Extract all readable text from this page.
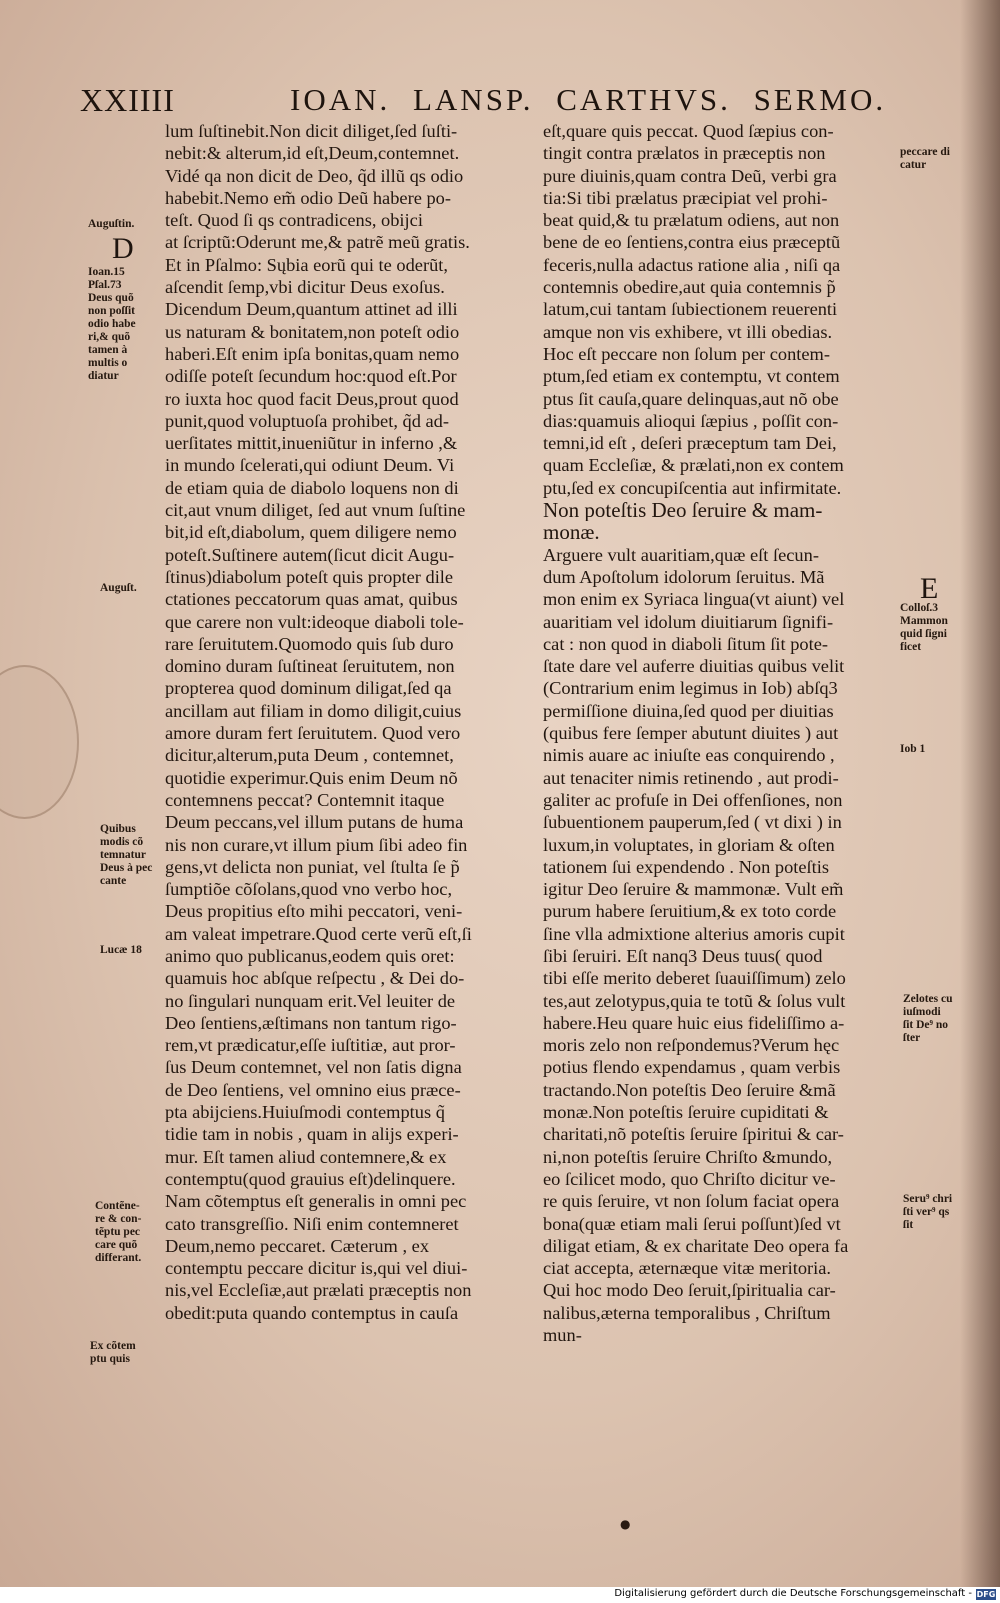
XXIIII	IOAN. LANSP. CARTHVS. SERMO.
lum ſuſtinebit.Non dicit diliget,ſed ſuſti-
nebit:& alterum,id eſt,Deum,contemnet.
Vidé qa non dicit de Deo, q̃d illũ qs odio
habebit.Nemo em̃ odio Deũ habere po-
teſt. Quod ſi qs contradicens, obijci
at ſcriptũ:Oderunt me,& patrẽ meũ gratis.
Et in Pſalmo: Sųbia eorũ qui te oderũt,
aſcendit ſemp,vbi dicitur Deus exoſus.
Dicendum Deum,quantum attinet ad illi
us naturam & bonitatem,non poteſt odio
haberi.Eſt enim ipſa bonitas,quam nemo
odiſſe poteſt ſecundum hoc:quod eſt.Por
ro iuxta hoc quod facit Deus,prout quod
punit,quod voluptuoſa prohibet, q̃d ad-
uerſitates mittit,inueniũtur in inferno ,&
in mundo ſcelerati,qui odiunt Deum. Vi
de etiam quia de diabolo loquens non di
cit,aut vnum diliget, ſed aut vnum ſuſtine
bit,id eſt,diabolum, quem diligere nemo
poteſt.Suſtinere autem(ſicut dicit Augu-
ſtinus)diabolum poteſt quis propter dile
ctationes peccatorum quas amat, quibus
que carere non vult:ideoque diaboli tole-
rare ſeruitutem.Quomodo quis ſub duro
domino duram ſuſtineat ſeruitutem, non
propterea quod dominum diligat,ſed qa
ancillam aut filiam in domo diligit,cuius
amore duram fert ſeruitutem. Quod vero
dicitur,alterum,puta Deum , contemnet,
quotidie experimur.Quis enim Deum nõ
contemnens peccat? Contemnit itaque
Deum peccans,vel illum putans de huma
nis non curare,vt illum pium ſibi adeo fin
gens,vt delicta non puniat, vel ſtulta ſe p̃
ſumptiõe cõſolans,quod vno verbo hoc,
Deus propitius eſto mihi peccatori, veni-
am valeat impetrare.Quod certe verũ eſt,ſi
animo quo publicanus,eodem quis oret:
quamuis hoc abſque reſpectu , & Dei do-
no ſingulari nunquam erit.Vel leuiter de
Deo ſentiens,æſtimans non tantum rigo-
rem,vt prædicatur,eſſe iuſtitiæ, aut pror-
ſus Deum contemnet, vel non ſatis digna
de Deo ſentiens, vel omnino eius præce-
pta abijciens.Huiuſmodi contemptus q̃
tidie tam in nobis , quam in alijs experi-
mur. Eſt tamen aliud contemnere,& ex
contemptu(quod grauius eſt)delinquere.
Nam cõtemptus eſt generalis in omni pec
cato transgreſſio. Niſi enim contemneret
Deum,nemo peccaret. Cæterum , ex
contemptu peccare dicitur is,qui vel diui-
nis,vel Eccleſiæ,aut prælati præceptis non
obedit:puta quando contemptus in cauſa
eſt,quare quis peccat. Quod ſæpius con-
tingit contra prælatos in præceptis non
pure diuinis,quam contra Deũ, verbi gra
tia:Si tibi prælatus præcipiat vel prohi-
beat quid,& tu prælatum odiens, aut non
bene de eo ſentiens,contra eius præceptũ
feceris,nulla adactus ratione alia , niſi qa
contemnis obedire,aut quia contemnis p̃
latum,cui tantam ſubiectionem reuerenti
amque non vis exhibere, vt illi obedias.
Hoc eſt peccare non ſolum per contem-
ptum,ſed etiam ex contemptu, vt contem
ptus ſit cauſa,quare delinquas,aut nõ obe
dias:quamuis alioqui ſæpius , poſſit con-
temni,id eſt , deſeri præceptum tam Dei,
quam Eccleſiæ, & prælati,non ex contem
ptu,ſed ex concupiſcentia aut infirmitate.
Non poteſtis Deo ſeruire & mam-
monæ.
Arguere vult auaritiam,quæ eſt ſecun-
dum Apoſtolum idolorum ſeruitus. Mã
mon enim ex Syriaca lingua(vt aiunt) vel
auaritiam vel idolum diuitiarum ſignifi-
cat : non quod in diaboli ſitum ſit pote-
ſtate dare vel auferre diuitias quibus velit
(Contrarium enim legimus in Iob) abſq3
permiſſione diuina,ſed quod per diuitias
(quibus fere ſemper abutunt diuites ) aut
nimis auare ac iniuſte eas conquirendo ,
aut tenaciter nimis retinendo , aut prodi-
galiter ac profuſe in Dei offenſiones, non
ſubuentionem pauperum,ſed ( vt dixi ) in
luxum,in voluptates, in gloriam & oſten
tationem ſui expendendo . Non poteſtis
igitur Deo ſeruire & mammonæ. Vult em̃
purum habere ſeruitium,& ex toto corde
ſine vlla admixtione alterius amoris cupit
ſibi ſeruiri. Eſt nanq3 Deus tuus( quod
tibi eſſe merito deberet ſuauiſſimum) zelo
tes,aut zelotypus,quia te totũ & ſolus vult
habere.Heu quare huic eius fideliſſimo a-
moris zelo non reſpondemus?Verum hęc
potius flendo expendamus , quam verbis
tractando.Non poteſtis Deo ſeruire &mã
monæ.Non poteſtis ſeruire cupiditati &
charitati,nõ poteſtis ſeruire ſpiritui & car-
ni,non poteſtis ſeruire Chriſto &mundo,
eo ſcilicet modo, quo Chriſto dicitur ve-
re quis ſeruire, vt non ſolum faciat opera
bona(quæ etiam mali ſerui poſſunt)ſed vt
diligat etiam, & ex charitate Deo opera fa
ciat accepta, æternæque vitæ meritoria.
Qui hoc modo Deo ſeruit,ſpiritualia car-
nalibus,æterna temporalibus , Chriſtum
mun-
D
E
Auguſtin.
Ioan.15
Pſal.73
Deus quõ
non poſſit
odio habe
ri,& quõ
tamen à
multis o
diatur
Auguſt.
Quibus
modis cõ
temnatur
Deus à pec
cante
Lucæ 18
Contẽne-
re & con-
tẽptu pec
care quõ
differant.
Ex cõtem
ptu quis
peccare di
catur
Colloſ.3
Mammon
quid ſigni
ficet
Iob 1
Zelotes cu
iuſmodi
ſit De⁹ no
ſter
Seru⁹ chri
ſti ver⁹ qs
ſit
●
Digitalisierung gefördert durch die Deutsche Forschungsgemeinschaft - DFG
